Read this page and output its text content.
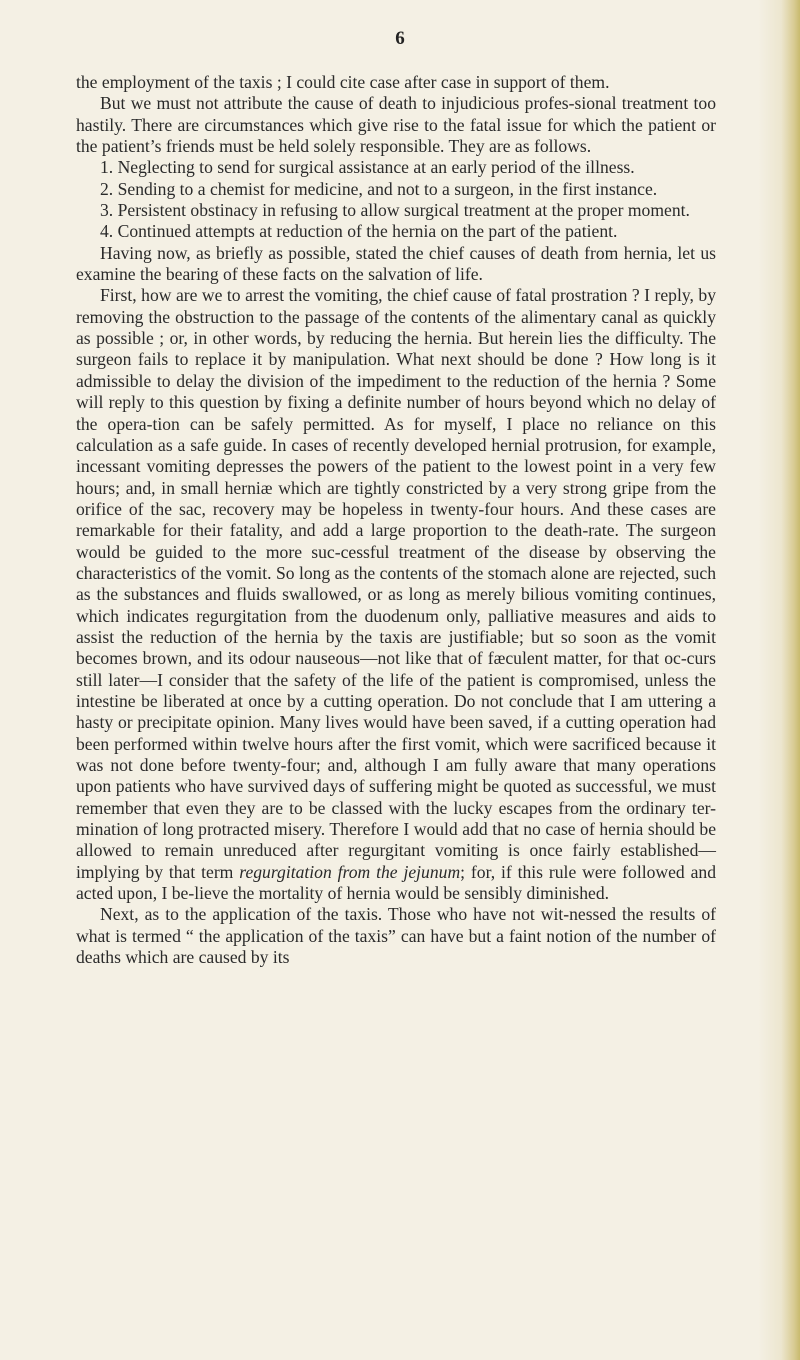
6

the employment of the taxis ; I could cite case after case in support of them.

But we must not attribute the cause of death to injudicious profes-sional treatment too hastily. There are circumstances which give rise to the fatal issue for which the patient or the patient’s friends must be held solely responsible. They are as follows.

1. Neglecting to send for surgical assistance at an early period of the illness.

2. Sending to a chemist for medicine, and not to a surgeon, in the first instance.

3. Persistent obstinacy in refusing to allow surgical treatment at the proper moment.

4. Continued attempts at reduction of the hernia on the part of the patient.

Having now, as briefly as possible, stated the chief causes of death from hernia, let us examine the bearing of these facts on the salvation of life.

First, how are we to arrest the vomiting, the chief cause of fatal prostration ? I reply, by removing the obstruction to the passage of the contents of the alimentary canal as quickly as possible ; or, in other words, by reducing the hernia. But herein lies the difficulty. The surgeon fails to replace it by manipulation. What next should be done ? How long is it admissible to delay the division of the impediment to the reduction of the hernia ? Some will reply to this question by fixing a definite number of hours beyond which no delay of the opera-tion can be safely permitted. As for myself, I place no reliance on this calculation as a safe guide. In cases of recently developed hernial protrusion, for example, incessant vomiting depresses the powers of the patient to the lowest point in a very few hours; and, in small herniæ which are tightly constricted by a very strong gripe from the orifice of the sac, recovery may be hopeless in twenty-four hours. And these cases are remarkable for their fatality, and add a large proportion to the death-rate. The surgeon would be guided to the more suc-cessful treatment of the disease by observing the characteristics of the vomit. So long as the contents of the stomach alone are rejected, such as the substances and fluids swallowed, or as long as merely bilious vomiting continues, which indicates regurgitation from the duodenum only, palliative measures and aids to assist the reduction of the hernia by the taxis are justifiable; but so soon as the vomit becomes brown, and its odour nauseous—not like that of fæculent matter, for that oc-curs still later—I consider that the safety of the life of the patient is compromised, unless the intestine be liberated at once by a cutting operation. Do not conclude that I am uttering a hasty or precipitate opinion. Many lives would have been saved, if a cutting operation had been performed within twelve hours after the first vomit, which were sacrificed because it was not done before twenty-four; and, although I am fully aware that many operations upon patients who have survived days of suffering might be quoted as successful, we must remember that even they are to be classed with the lucky escapes from the ordinary ter-mination of long protracted misery. Therefore I would add that no case of hernia should be allowed to remain unreduced after regurgitant vomiting is once fairly established—implying by that term regurgitation from the jejunum; for, if this rule were followed and acted upon, I be-lieve the mortality of hernia would be sensibly diminished.

Next, as to the application of the taxis. Those who have not wit-nessed the results of what is termed “ the application of the taxis” can have but a faint notion of the number of deaths which are caused by its
